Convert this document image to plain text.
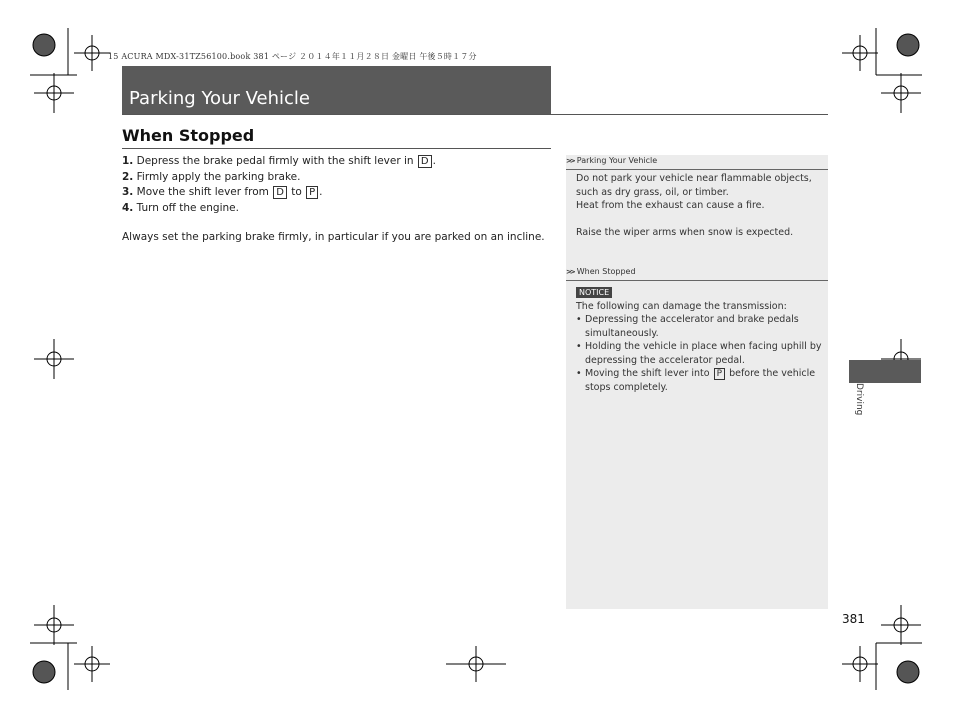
15 ACURA MDX-31TZ56100.book 381 ページ ２０１４年１１月２８日 金曜日 午後５時１７分
Parking Your Vehicle
When Stopped
1. Depress the brake pedal firmly with the shift lever in D .
2. Firmly apply the parking brake.
3. Move the shift lever from D to P .
4. Turn off the engine.
Always set the parking brake firmly, in particular if you are parked on an incline.
>> Parking Your Vehicle
Do not park your vehicle near flammable objects,
such as dry grass, oil, or timber.
Heat from the exhaust can cause a fire.
Raise the wiper arms when snow is expected.
>> When Stopped
NOTICE
The following can damage the transmission:
• Depressing the accelerator and brake pedals
simultaneously.
• Holding the vehicle in place when facing uphill by
depressing the accelerator pedal.
• Moving the shift lever into P before the vehicle
stops completely.
381
Driving
